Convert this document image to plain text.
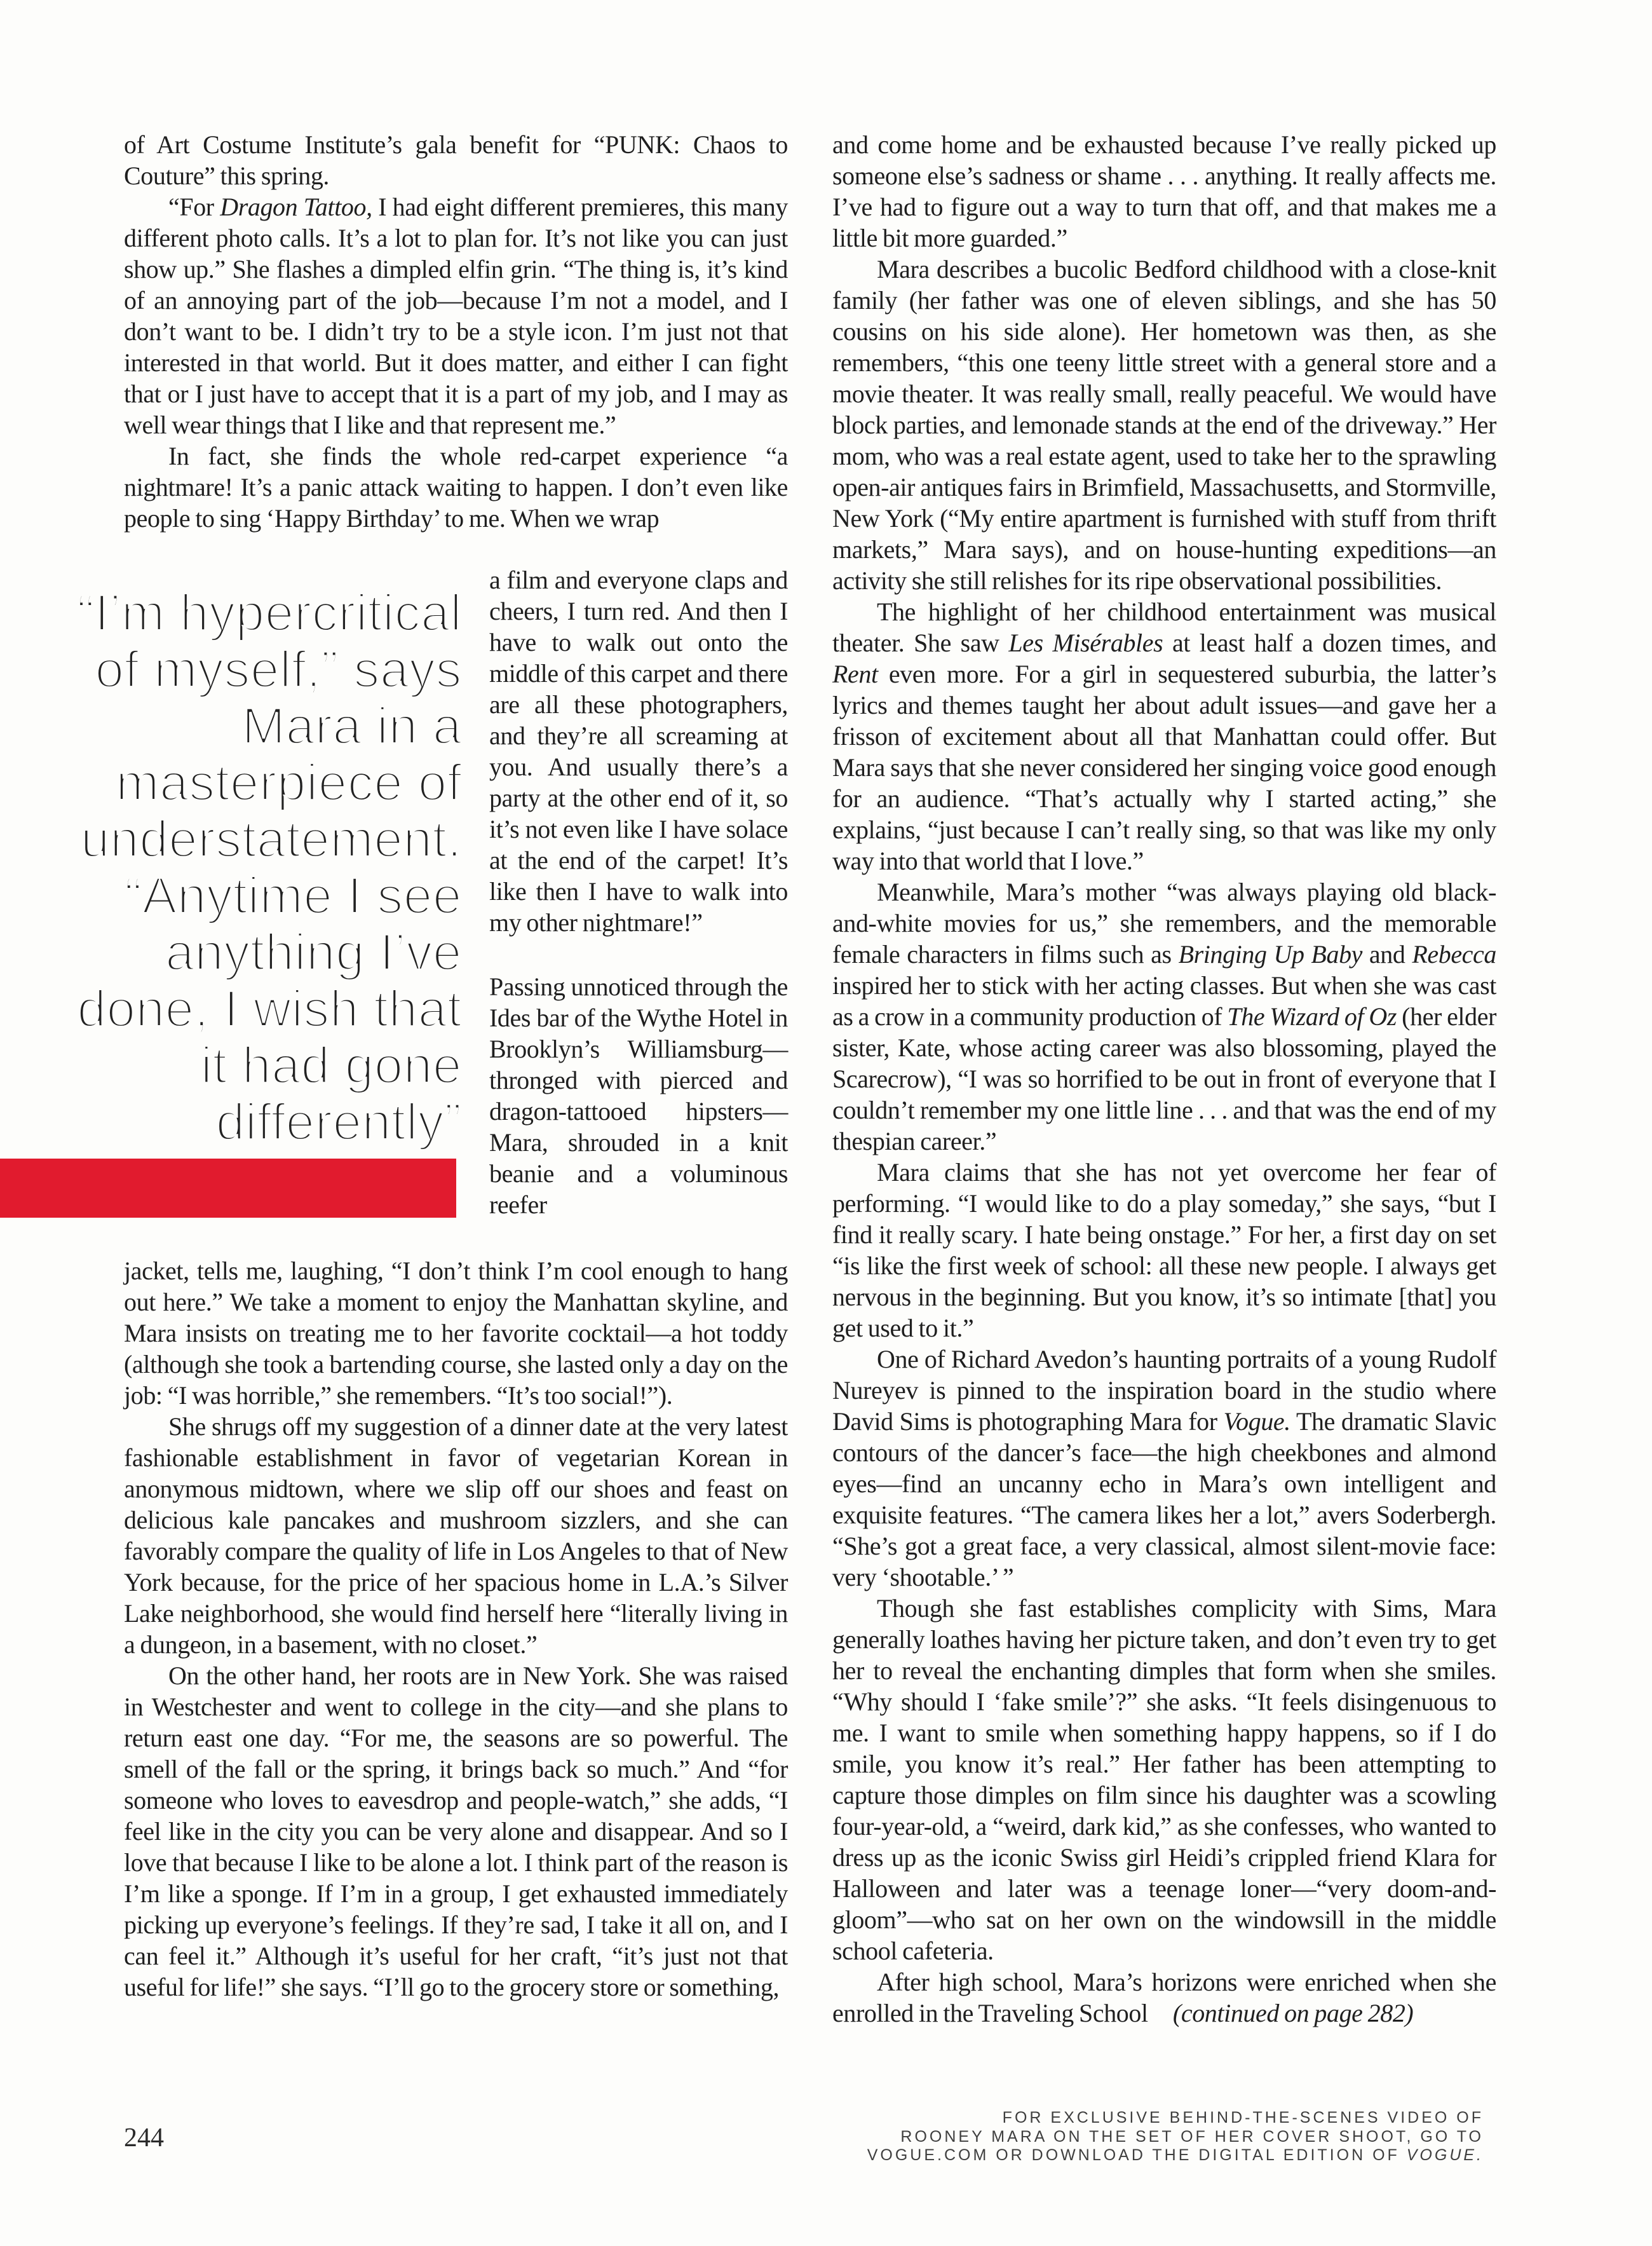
of Art Costume Institute’s gala benefit for “PUNK: Chaos to Couture” this spring.

“For Dragon Tattoo, I had eight different premieres, this many different photo calls. It’s a lot to plan for. It’s not like you can just show up.” She flashes a dimpled elfin grin. “The thing is, it’s kind of an annoying part of the job—because I’m not a model, and I don’t want to be. I didn’t try to be a style icon. I’m just not that interested in that world. But it does matter, and either I can fight that or I just have to accept that it is a part of my job, and I may as well wear things that I like and that represent me.”

In fact, she finds the whole red-carpet experience “a nightmare! It’s a panic attack waiting to happen. I don’t even like people to sing ‘Happy Birthday’ to me. When we wrap

“I’m hypercritical
of myself,” says
Mara in a
masterpiece of
understatement.
“Anytime I see
anything I’ve
done, I wish that
it had gone
differently”

a film and everyone claps and cheers, I turn red. And then I have to walk out onto the middle of this carpet and there are all these photographers, and they’re all screaming at you. And usually there’s a party at the other end of it, so it’s not even like I have solace at the end of the carpet! It’s like then I have to walk into my other nightmare!”

Passing unnoticed through the Ides bar of the Wythe Hotel in Brooklyn’s Williamsburg—thronged with pierced and dragon-tattooed hipsters—Mara, shrouded in a knit beanie and a voluminous reefer

jacket, tells me, laughing, “I don’t think I’m cool enough to hang out here.” We take a moment to enjoy the Manhattan skyline, and Mara insists on treating me to her favorite cocktail—a hot toddy (although she took a bartending course, she lasted only a day on the job: “I was horrible,” she remembers. “It’s too social!”).

She shrugs off my suggestion of a dinner date at the very latest fashionable establishment in favor of vegetarian Korean in anonymous midtown, where we slip off our shoes and feast on delicious kale pancakes and mushroom sizzlers, and she can favorably compare the quality of life in Los Angeles to that of New York because, for the price of her spacious home in L.A.’s Silver Lake neighborhood, she would find herself here “literally living in a dungeon, in a basement, with no closet.”

On the other hand, her roots are in New York. She was raised in Westchester and went to college in the city—and she plans to return east one day. “For me, the seasons are so powerful. The smell of the fall or the spring, it brings back so much.” And “for someone who loves to eavesdrop and people-watch,” she adds, “I feel like in the city you can be very alone and disappear. And so I love that because I like to be alone a lot. I think part of the reason is I’m like a sponge. If I’m in a group, I get exhausted immediately picking up everyone’s feelings. If they’re sad, I take it all on, and I can feel it.” Although it’s useful for her craft, “it’s just not that useful for life!” she says. “I’ll go to the grocery store or something,

and come home and be exhausted because I’ve really picked up someone else’s sadness or shame . . . anything. It really affects me. I’ve had to figure out a way to turn that off, and that makes me a little bit more guarded.”

Mara describes a bucolic Bedford childhood with a close-knit family (her father was one of eleven siblings, and she has 50 cousins on his side alone). Her hometown was then, as she remembers, “this one teeny little street with a general store and a movie theater. It was really small, really peaceful. We would have block parties, and lemonade stands at the end of the driveway.” Her mom, who was a real estate agent, used to take her to the sprawling open-air antiques fairs in Brimfield, Massachusetts, and Stormville, New York (“My entire apartment is furnished with stuff from thrift markets,” Mara says), and on house-hunting expeditions—an activity she still relishes for its ripe observational possibilities.

The highlight of her childhood entertainment was musical theater. She saw Les Misérables at least half a dozen times, and Rent even more. For a girl in sequestered suburbia, the latter’s lyrics and themes taught her about adult issues—and gave her a frisson of excitement about all that Manhattan could offer. But Mara says that she never considered her singing voice good enough for an audience. “That’s actually why I started acting,” she explains, “just because I can’t really sing, so that was like my only way into that world that I love.”

Meanwhile, Mara’s mother “was always playing old black-and-white movies for us,” she remembers, and the memorable female characters in films such as Bringing Up Baby and Rebecca inspired her to stick with her acting classes. But when she was cast as a crow in a community production of The Wizard of Oz (her elder sister, Kate, whose acting career was also blossoming, played the Scarecrow), “I was so horrified to be out in front of everyone that I couldn’t remember my one little line . . . and that was the end of my thespian career.”

Mara claims that she has not yet overcome her fear of performing. “I would like to do a play someday,” she says, “but I find it really scary. I hate being onstage.” For her, a first day on set “is like the first week of school: all these new people. I always get nervous in the beginning. But you know, it’s so intimate [that] you get used to it.”

One of Richard Avedon’s haunting portraits of a young Rudolf Nureyev is pinned to the inspiration board in the studio where David Sims is photographing Mara for Vogue. The dramatic Slavic contours of the dancer’s face—the high cheekbones and almond eyes—find an uncanny echo in Mara’s own intelligent and exquisite features. “The camera likes her a lot,” avers Soderbergh. “She’s got a great face, a very classical, almost silent-movie face: very ‘shootable.’ ”

Though she fast establishes complicity with Sims, Mara generally loathes having her picture taken, and don’t even try to get her to reveal the enchanting dimples that form when she smiles. “Why should I ‘fake smile’?” she asks. “It feels disingenuous to me. I want to smile when something happy happens, so if I do smile, you know it’s real.” Her father has been attempting to capture those dimples on film since his daughter was a scowling four-year-old, a “weird, dark kid,” as she confesses, who wanted to dress up as the iconic Swiss girl Heidi’s crippled friend Klara for Halloween and later was a teenage loner—“very doom-and-gloom”—who sat on her own on the windowsill in the middle school cafeteria.

After high school, Mara’s horizons were enriched when she enrolled in the Traveling School   (continued on page 282)

244
FOR EXCLUSIVE BEHIND-THE-SCENES VIDEO OF
ROONEY MARA ON THE SET OF HER COVER SHOOT, GO TO
VOGUE.COM OR DOWNLOAD THE DIGITAL EDITION OF VOGUE.
